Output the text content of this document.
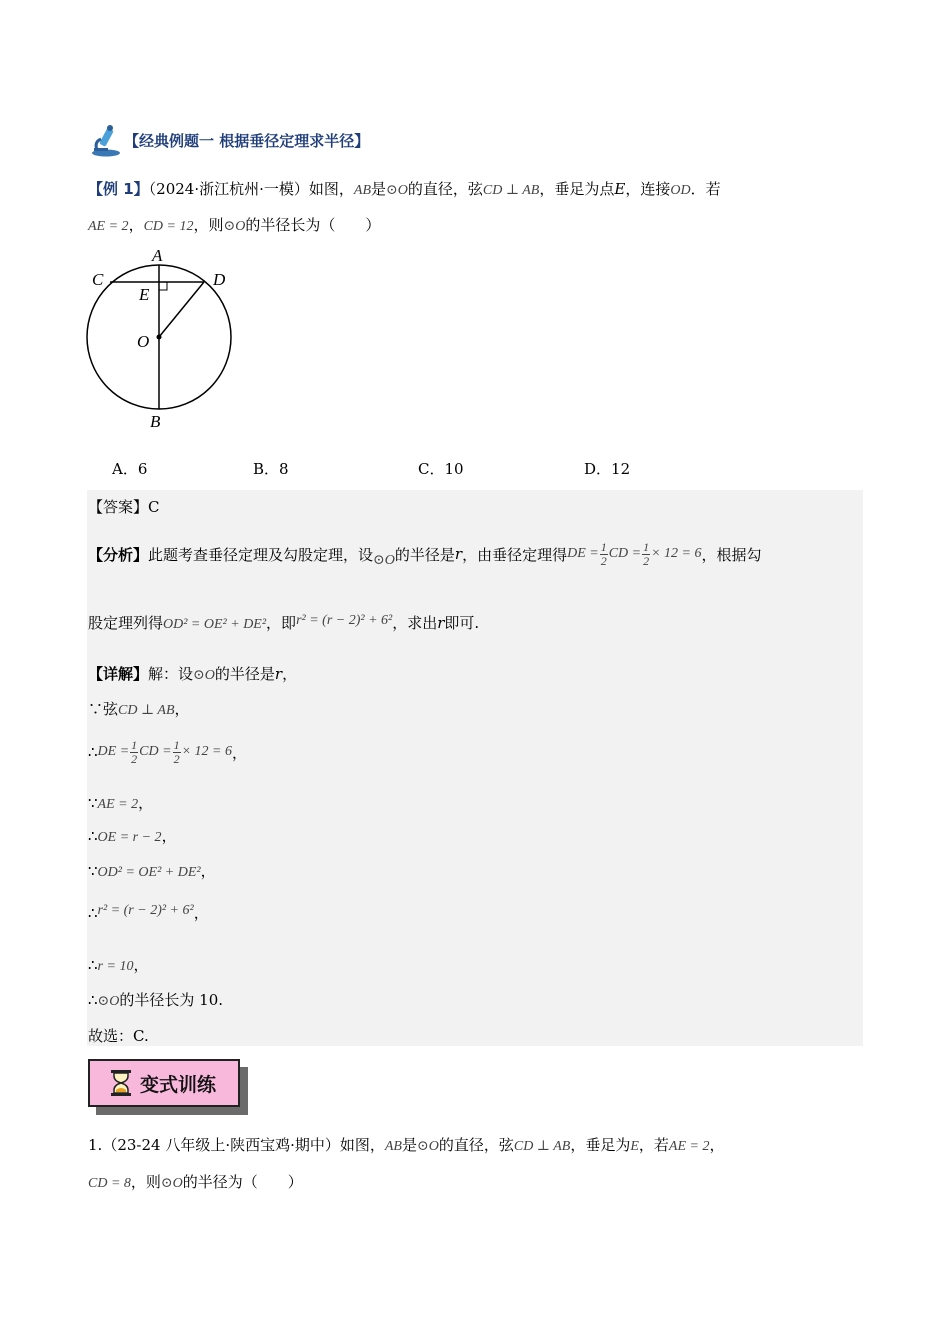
【经典例题一 根据垂径定理求半径】
【例 1】（2024·浙江杭州·一模）如图，AB是⊙O的直径，弦CD ⊥ AB，垂足为点E，连接OD．若
AE = 2，CD = 12，则⊙O的半径长为（　　）
A
C	D
E
O
B
A．6	B．8	C．10	D．12
【答案】C
【分析】 此题考查垂径定理及勾股定理，设 ⊙O 的半径是 r ，由垂径定理得 DE = $\frac{1}{2}$ CD = $\frac{1}{2} \times 12 = 6$ ，根据勾
股定理列得OD² = OE² + DE²，即r² = (r − 2)² + 6²，求出r即可.
【详解】解：设⊙O的半径是r，
∵弦CD ⊥ AB，
∴ DE = $\frac{1}{2}$ CD = $\frac{1}{2} \times 12 = 6$ ，
∵AE = 2，
∴OE = r − 2，
∵OD² = OE² + DE²，
∴r² = (r − 2)² + 6²，
∴r = 10，
∴⊙O的半径长为 10.
故选：C.
变式训练
1.（23-24 八年级上·陕西宝鸡·期中）如图，AB是⊙O的直径，弦CD ⊥ AB，垂足为E，若AE = 2，
CD = 8，则⊙O的半径为（　　）
